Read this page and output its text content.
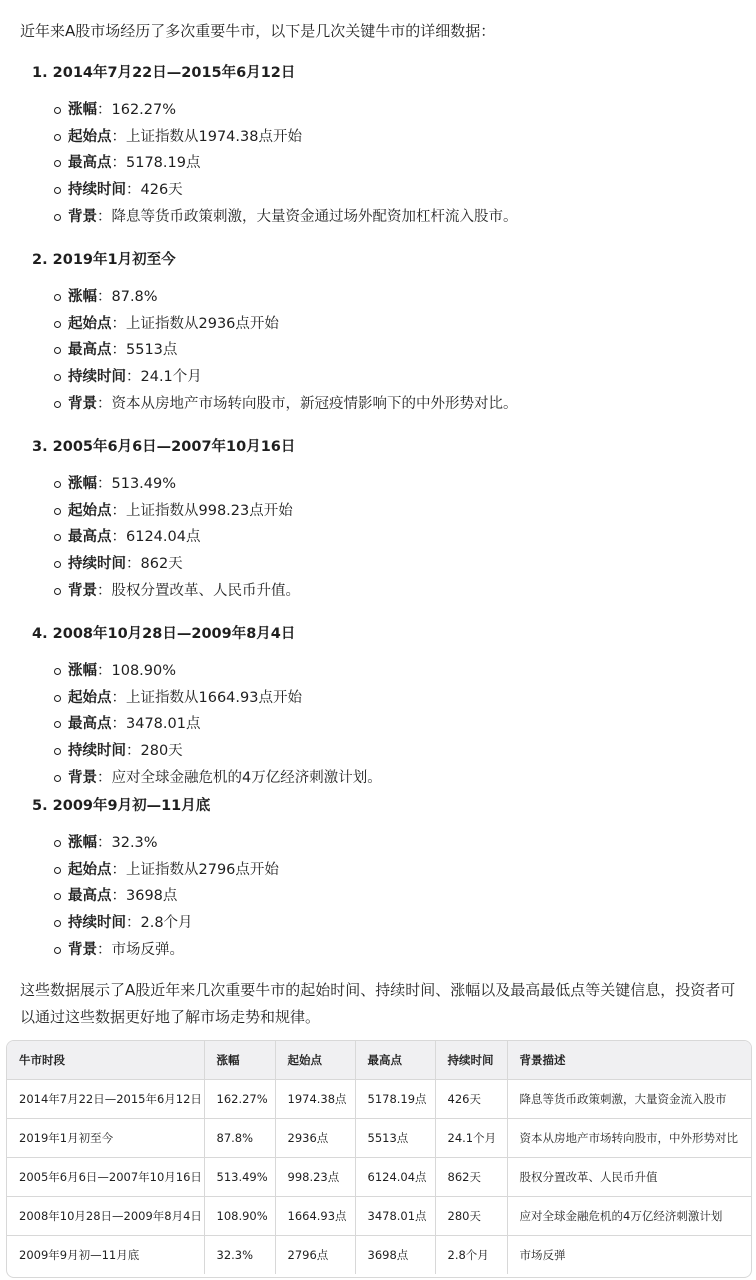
近年来A股市场经历了多次重要牛市，以下是几次关键牛市的详细数据：
1. 2014年7月22日—2015年6月12日
涨幅：162.27%
起始点：上证指数从1974.38点开始
最高点：5178.19点
持续时间：426天
背景：降息等货币政策刺激，大量资金通过场外配资加杠杆流入股市。
2. 2019年1月初至今
涨幅：87.8%
起始点：上证指数从2936点开始
最高点：5513点
持续时间：24.1个月
背景：资本从房地产市场转向股市，新冠疫情影响下的中外形势对比。
3. 2005年6月6日—2007年10月16日
涨幅：513.49%
起始点：上证指数从998.23点开始
最高点：6124.04点
持续时间：862天
背景：股权分置改革、人民币升值。
4. 2008年10月28日—2009年8月4日
涨幅：108.90%
起始点：上证指数从1664.93点开始
最高点：3478.01点
持续时间：280天
背景：应对全球金融危机的4万亿经济刺激计划。
5. 2009年9月初—11月底
涨幅：32.3%
起始点：上证指数从2796点开始
最高点：3698点
持续时间：2.8个月
背景：市场反弹。
这些数据展示了A股近年来几次重要牛市的起始时间、持续时间、涨幅以及最高最低点等关键信息，投资者可以通过这些数据更好地了解市场走势和规律。
牛市时段	涨幅	起始点	最高点	持续时间	背景描述
2014年7月22日—2015年6月12日	162.27%	1974.38点	5178.19点	426天	降息等货币政策刺激，大量资金流入股市
2019年1月初至今	87.8%	2936点	5513点	24.1个月	资本从房地产市场转向股市，中外形势对比
2005年6月6日—2007年10月16日	513.49%	998.23点	6124.04点	862天	股权分置改革、人民币升值
2008年10月28日—2009年8月4日	108.90%	1664.93点	3478.01点	280天	应对全球金融危机的4万亿经济刺激计划
2009年9月初—11月底	32.3%	2796点	3698点	2.8个月	市场反弹
